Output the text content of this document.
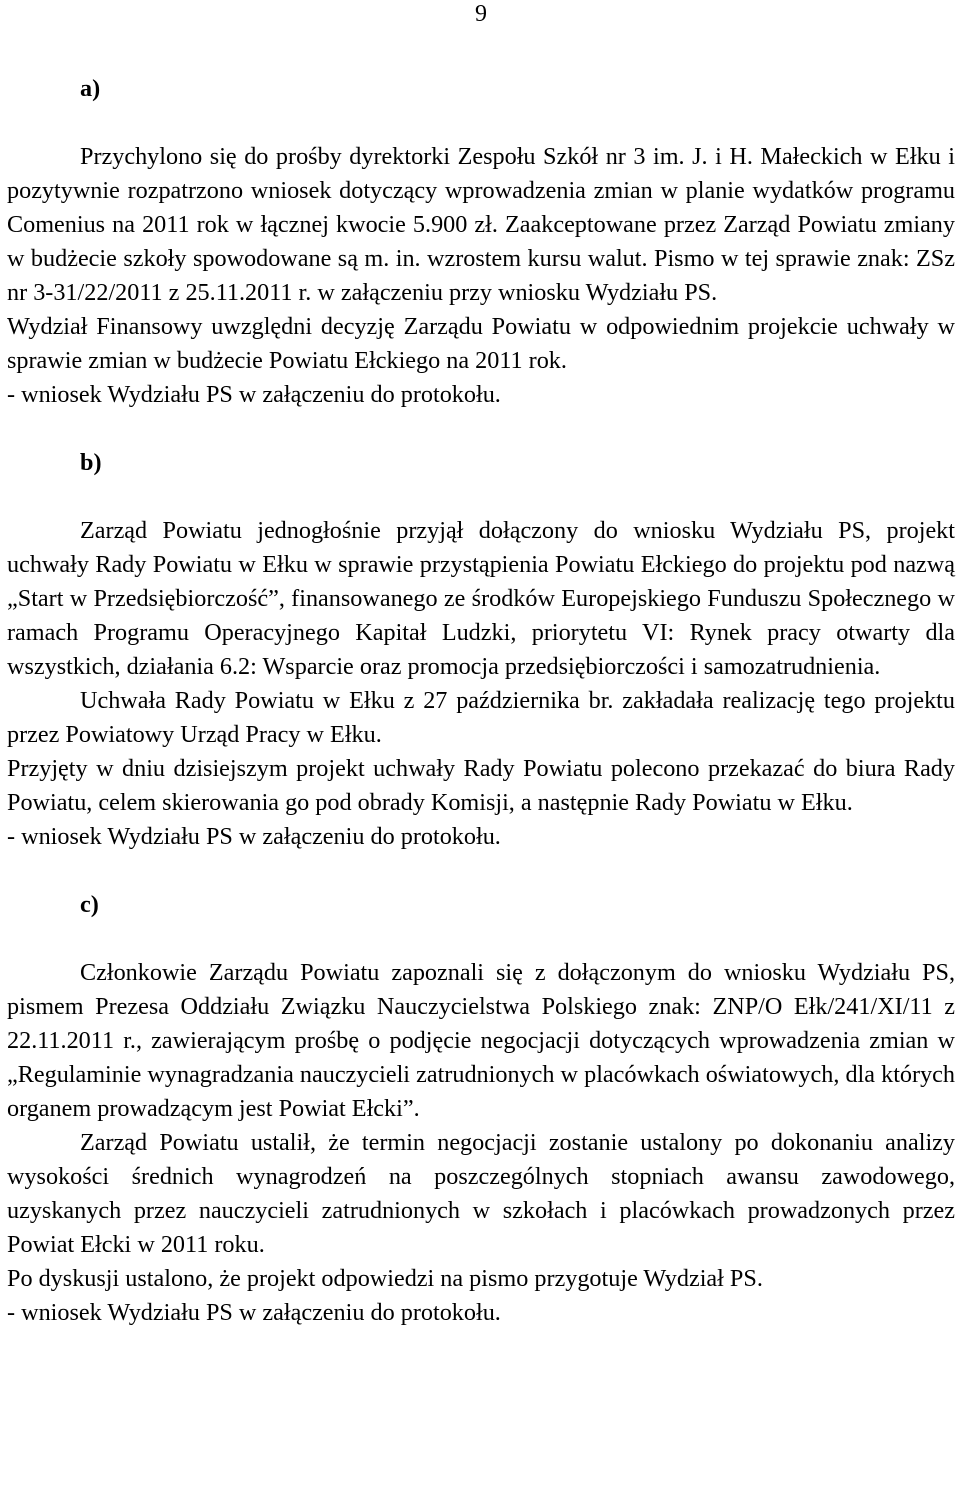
9
a)

Przychylono się do prośby dyrektorki Zespołu Szkół nr 3 im. J. i H. Małeckich w Ełku i pozytywnie rozpatrzono wniosek dotyczący wprowadzenia zmian w planie wydatków programu Comenius na 2011 rok w łącznej kwocie 5.900 zł. Zaakceptowane przez Zarząd Powiatu zmiany w budżecie szkoły spowodowane są m. in. wzrostem kursu walut. Pismo w tej sprawie znak: ZSz nr 3-31/22/2011 z 25.11.2011 r. w załączeniu przy wniosku Wydziału PS.

Wydział Finansowy uwzględni decyzję Zarządu Powiatu w odpowiednim projekcie uchwały w sprawie zmian w budżecie Powiatu Ełckiego na 2011 rok.

- wniosek Wydziału PS w załączeniu do protokołu.

b)

Zarząd Powiatu jednogłośnie przyjął dołączony do wniosku Wydziału PS, projekt uchwały Rady Powiatu w Ełku w sprawie przystąpienia Powiatu Ełckiego do projektu pod nazwą „Start w Przedsiębiorczość”, finansowanego ze środków Europejskiego Funduszu Społecznego w ramach Programu Operacyjnego Kapitał Ludzki, priorytetu VI: Rynek pracy otwarty dla wszystkich, działania 6.2: Wsparcie oraz promocja przedsiębiorczości i samozatrudnienia.

Uchwała Rady Powiatu w Ełku z 27 października br. zakładała realizację tego projektu przez Powiatowy Urząd Pracy w Ełku.

Przyjęty w dniu dzisiejszym projekt uchwały Rady Powiatu polecono przekazać do biura Rady Powiatu, celem skierowania go pod obrady Komisji, a następnie Rady Powiatu w Ełku.

- wniosek Wydziału PS w załączeniu do protokołu.

c)

Członkowie Zarządu Powiatu zapoznali się z dołączonym do wniosku Wydziału PS, pismem Prezesa Oddziału Związku Nauczycielstwa Polskiego znak: ZNP/O Ełk/241/XI/11 z 22.11.2011 r., zawierającym prośbę o podjęcie negocjacji dotyczących wprowadzenia zmian w „Regulaminie wynagradzania nauczycieli zatrudnionych w placówkach oświatowych, dla których organem prowadzącym jest Powiat Ełcki”.

Zarząd Powiatu ustalił, że termin negocjacji zostanie ustalony po dokonaniu analizy wysokości średnich wynagrodzeń na poszczególnych stopniach awansu zawodowego, uzyskanych przez nauczycieli zatrudnionych w szkołach i placówkach prowadzonych przez Powiat Ełcki w 2011 roku.

Po dyskusji ustalono, że projekt odpowiedzi na pismo przygotuje Wydział PS.

- wniosek Wydziału PS w załączeniu do protokołu.
